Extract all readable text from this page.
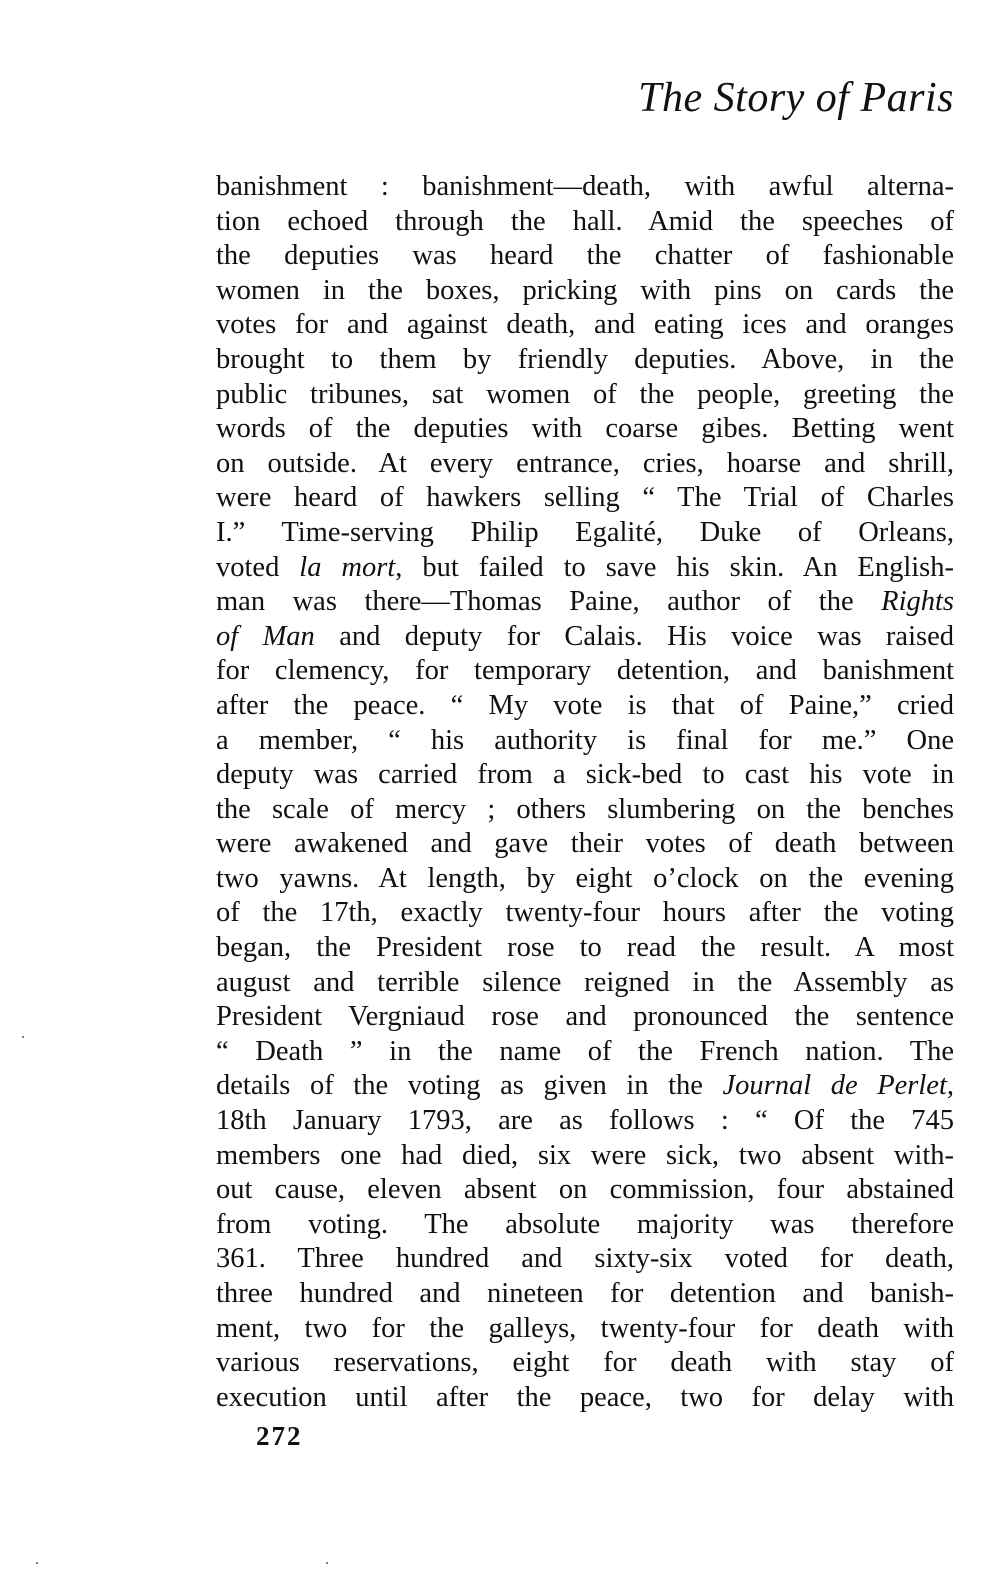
The Story of Paris
banishment : banishment—death, with awful alterna-
tion echoed through the hall. Amid the speeches of
the deputies was heard the chatter of fashionable
women in the boxes, pricking with pins on cards the
votes for and against death, and eating ices and oranges
brought to them by friendly deputies. Above, in the
public tribunes, sat women of the people, greeting the
words of the deputies with coarse gibes. Betting went
on outside. At every entrance, cries, hoarse and shrill,
were heard of hawkers selling “ The Trial of Charles
I.” Time-serving Philip Egalité, Duke of Orleans,
voted la mort, but failed to save his skin. An English-
man was there—Thomas Paine, author of the Rights
of Man and deputy for Calais. His voice was raised
for clemency, for temporary detention, and banishment
after the peace. “ My vote is that of Paine,” cried
a member, “ his authority is final for me.” One
deputy was carried from a sick-bed to cast his vote in
the scale of mercy ; others slumbering on the benches
were awakened and gave their votes of death between
two yawns. At length, by eight o’clock on the evening
of the 17th, exactly twenty-four hours after the voting
began, the President rose to read the result. A most
august and terrible silence reigned in the Assembly as
President Vergniaud rose and pronounced the sentence
“ Death ” in the name of the French nation. The
details of the voting as given in the Journal de Perlet,
18th January 1793, are as follows : “ Of the 745
members one had died, six were sick, two absent with-
out cause, eleven absent on commission, four abstained
from voting. The absolute majority was therefore
361. Three hundred and sixty-six voted for death,
three hundred and nineteen for detention and banish-
ment, two for the galleys, twenty-four for death with
various reservations, eight for death with stay of
execution until after the peace, two for delay with
272
